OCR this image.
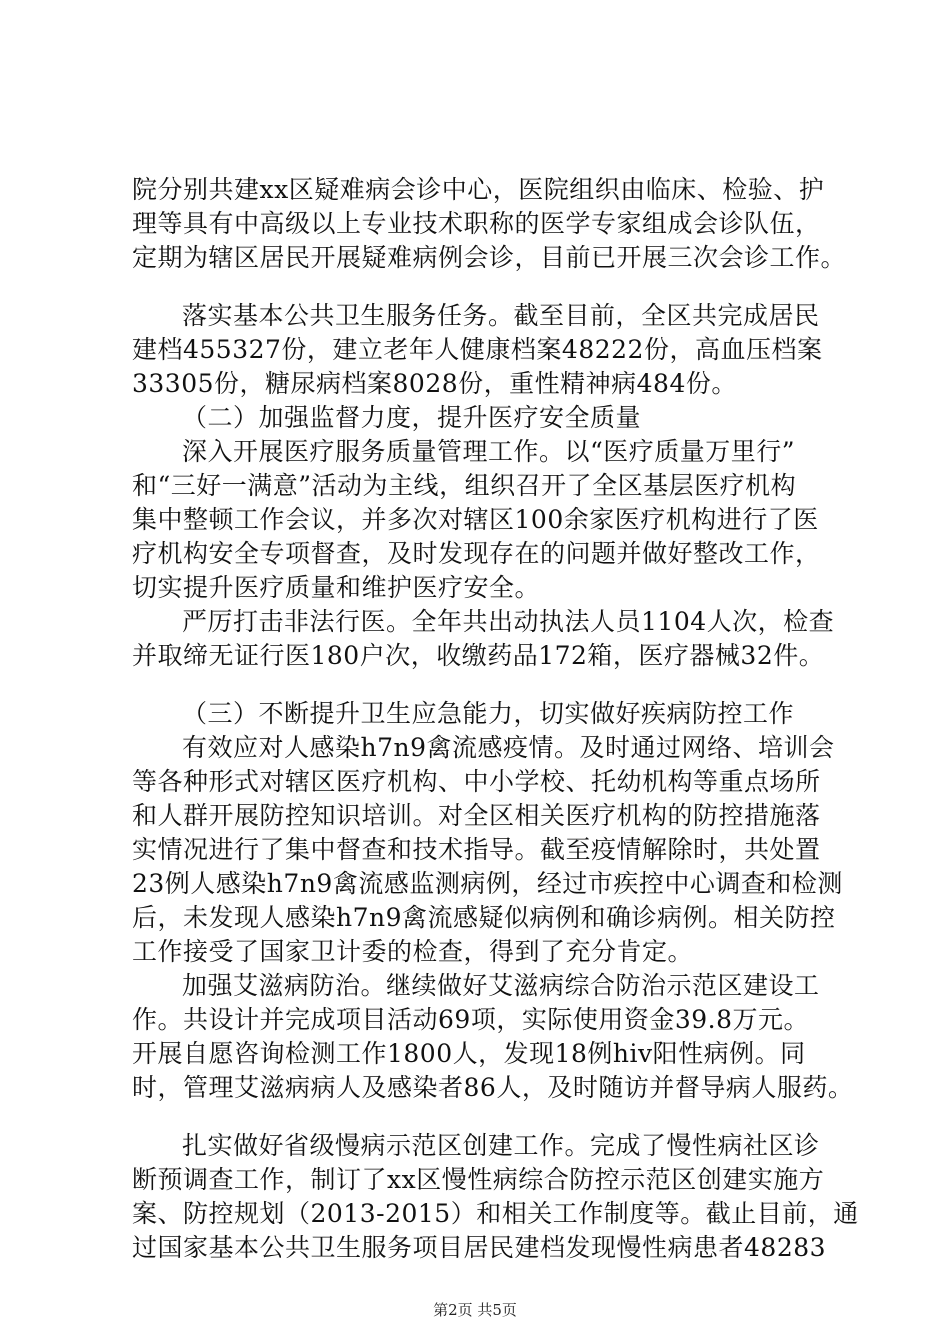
院分别共建xx区疑难病会诊中心，医院组织由临床、检验、护
理等具有中高级以上专业技术职称的医学专家组成会诊队伍，
定期为辖区居民开展疑难病例会诊，目前已开展三次会诊工作。
落实基本公共卫生服务任务。截至目前，全区共完成居民
建档455327份，建立老年人健康档案48222份，高血压档案
33305份，糖尿病档案8028份，重性精神病484份。
（二）加强监督力度，提升医疗安全质量
深入开展医疗服务质量管理工作。以“医疗质量万里行”
和“三好一满意”活动为主线，组织召开了全区基层医疗机构
集中整顿工作会议，并多次对辖区100余家医疗机构进行了医
疗机构安全专项督查，及时发现存在的问题并做好整改工作，
切实提升医疗质量和维护医疗安全。
严厉打击非法行医。全年共出动执法人员1104人次，检查
并取缔无证行医180户次，收缴药品172箱，医疗器械32件。
（三）不断提升卫生应急能力，切实做好疾病防控工作
有效应对人感染h7n9禽流感疫情。及时通过网络、培训会
等各种形式对辖区医疗机构、中小学校、托幼机构等重点场所
和人群开展防控知识培训。对全区相关医疗机构的防控措施落
实情况进行了集中督查和技术指导。截至疫情解除时，共处置
23例人感染h7n9禽流感监测病例，经过市疾控中心调查和检测
后，未发现人感染h7n9禽流感疑似病例和确诊病例。相关防控
工作接受了国家卫计委的检查，得到了充分肯定。
加强艾滋病防治。继续做好艾滋病综合防治示范区建设工
作。共设计并完成项目活动69项，实际使用资金39.8万元。
开展自愿咨询检测工作1800人，发现18例hiv阳性病例。同
时，管理艾滋病病人及感染者86人，及时随访并督导病人服药。
扎实做好省级慢病示范区创建工作。完成了慢性病社区诊
断预调查工作，制订了xx区慢性病综合防控示范区创建实施方
案、防控规划（2013-2015）和相关工作制度等。截止目前，通
过国家基本公共卫生服务项目居民建档发现慢性病患者48283
第2页 共5页
